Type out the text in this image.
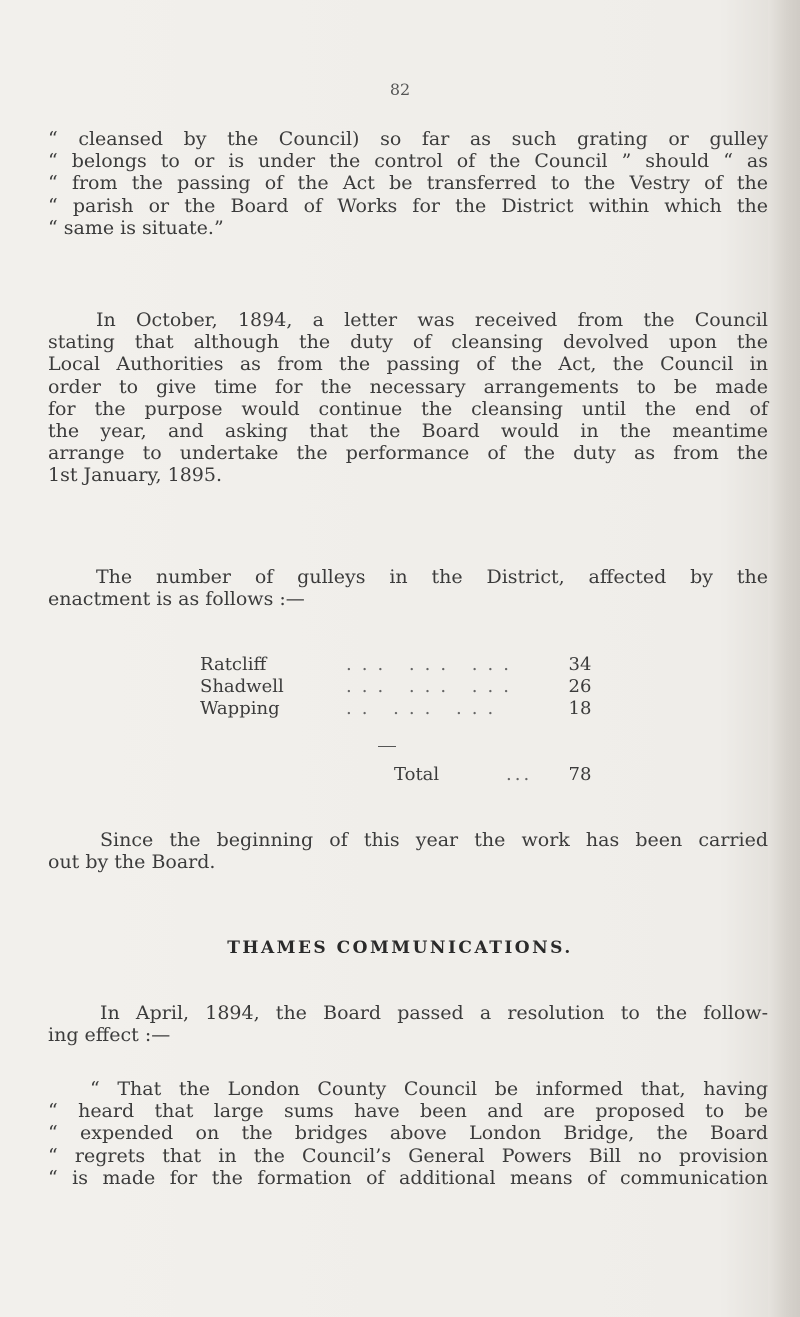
82
“ cleansed by the Council) so far as such grating or gulley
“ belongs to or is under the control of the Council ” should “ as
“ from the passing of the Act be transferred to the Vestry of the
“ parish or the Board of Works for the District within which the
“ same is situate.”
In October, 1894, a letter was received from the Council
stating that although the duty of cleansing devolved upon the
Local Authorities as from the passing of the Act, the Council in
order to give time for the necessary arrangements to be made
for the purpose would continue the cleansing until the end of
the year, and asking that the Board would in the meantime
arrange to undertake the performance of the duty as from the
1st January, 1895.
The number of gulleys in the District, affected by the
enactment is as follows :—
Ratcliff	... ... ...	34
Shadwell	... ... ...	26
Wapping	.. ... ...	18
Total	...	78
Since the beginning of this year the work has been carried
out by the Board.
THAMES COMMUNICATIONS.
In April, 1894, the Board passed a resolution to the follow-
ing effect :—
“ That the London County Council be informed that, having
“ heard that large sums have been and are proposed to be
“ expended on the bridges above London Bridge, the Board
“ regrets that in the Council’s General Powers Bill no provision
“ is made for the formation of additional means of communication
